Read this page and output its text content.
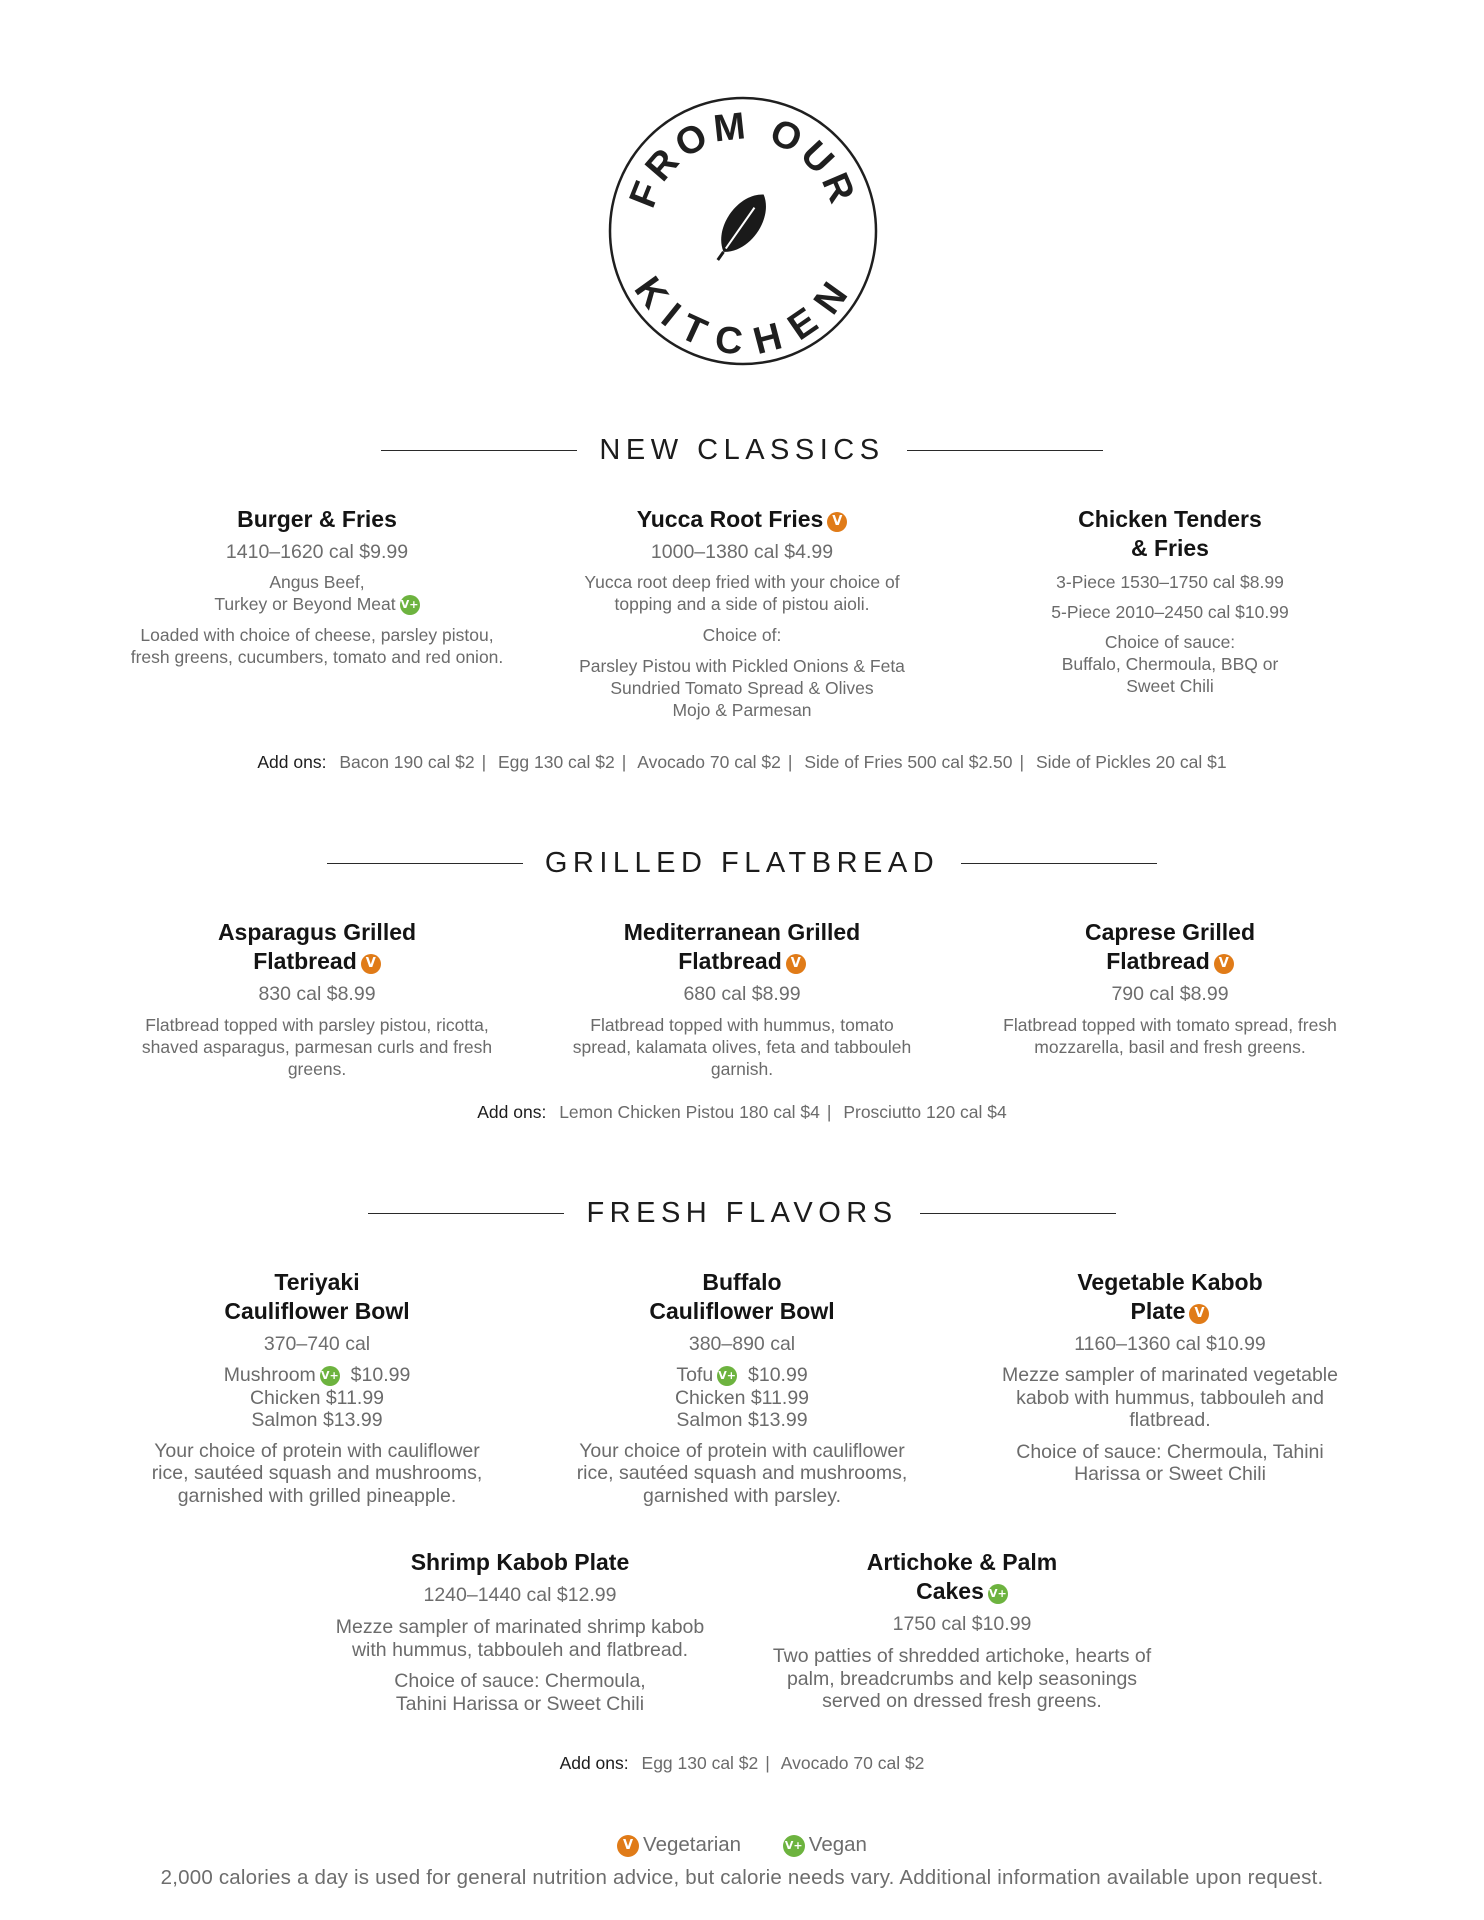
FROM OUR
KITCHEN
NEW CLASSICS
Burger & Fries
1410–1620 cal $9.99
Angus Beef,
Turkey or Beyond Meat V+
Loaded with choice of cheese, parsley pistou, fresh greens, cucumbers, tomato and red onion.
Yucca Root Fries V
1000–1380 cal $4.99
Yucca root deep fried with your choice of topping and a side of pistou aioli.
Choice of:
Parsley Pistou with Pickled Onions & Feta
Sundried Tomato Spread & Olives
Mojo & Parmesan
Chicken Tenders
& Fries
3-Piece 1530–1750 cal $8.99
5-Piece 2010–2450 cal $10.99
Choice of sauce:
Buffalo, Chermoula, BBQ or Sweet Chili
Add ons: Bacon 190 cal $2 | Egg 130 cal $2 | Avocado 70 cal $2 | Side of Fries 500 cal $2.50 | Side of Pickles 20 cal $1
GRILLED FLATBREAD
Asparagus Grilled
Flatbread V
830 cal $8.99
Flatbread topped with parsley pistou, ricotta, shaved asparagus, parmesan curls and fresh greens.
Mediterranean Grilled
Flatbread V
680 cal $8.99
Flatbread topped with hummus, tomato spread, kalamata olives, feta and tabbouleh garnish.
Caprese Grilled
Flatbread V
790 cal $8.99
Flatbread topped with tomato spread, fresh mozzarella, basil and fresh greens.
Add ons: Lemon Chicken Pistou 180 cal $4 | Prosciutto 120 cal $4
FRESH FLAVORS
Teriyaki
Cauliflower Bowl
370–740 cal
Mushroom V+ $10.99
Chicken $11.99
Salmon $13.99
Your choice of protein with cauliflower rice, sautéed squash and mushrooms, garnished with grilled pineapple.
Buffalo
Cauliflower Bowl
380–890 cal
Tofu V+ $10.99
Chicken $11.99
Salmon $13.99
Your choice of protein with cauliflower rice, sautéed squash and mushrooms, garnished with parsley.
Vegetable Kabob
Plate V
1160–1360 cal $10.99
Mezze sampler of marinated vegetable kabob with hummus, tabbouleh and flatbread.
Choice of sauce: Chermoula, Tahini Harissa or Sweet Chili
Shrimp Kabob Plate
1240–1440 cal $12.99
Mezze sampler of marinated shrimp kabob with hummus, tabbouleh and flatbread.
Choice of sauce: Chermoula, Tahini Harissa or Sweet Chili
Artichoke & Palm
Cakes V+
1750 cal $10.99
Two patties of shredded artichoke, hearts of palm, breadcrumbs and kelp seasonings served on dressed fresh greens.
Add ons: Egg 130 cal $2 | Avocado 70 cal $2
V Vegetarian	V+ Vegan
2,000 calories a day is used for general nutrition advice, but calorie needs vary. Additional information available upon request.
